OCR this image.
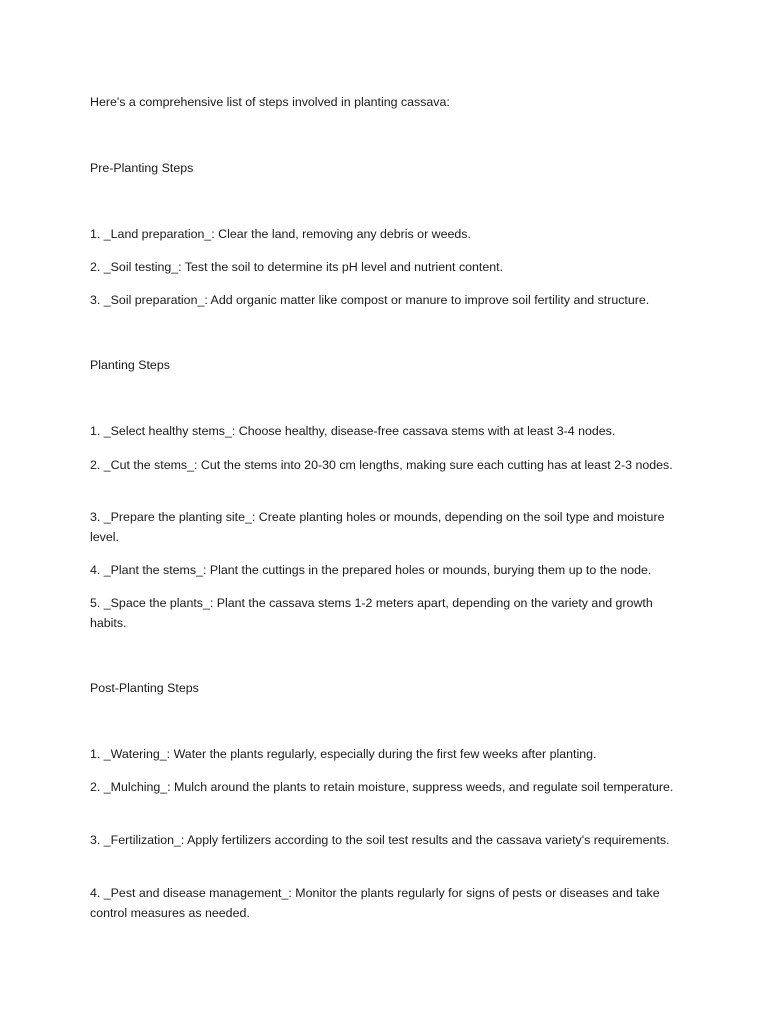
Here's a comprehensive list of steps involved in planting cassava:

Pre-Planting Steps

1. _Land preparation_: Clear the land, removing any debris or weeds.

2. _Soil testing_: Test the soil to determine its pH level and nutrient content.

3. _Soil preparation_: Add organic matter like compost or manure to improve soil fertility and structure.

Planting Steps

1. _Select healthy stems_: Choose healthy, disease-free cassava stems with at least 3-4 nodes.

2. _Cut the stems_: Cut the stems into 20-30 cm lengths, making sure each cutting has at least 2-3 nodes.

3. _Prepare the planting site_: Create planting holes or mounds, depending on the soil type and moisture level.

4. _Plant the stems_: Plant the cuttings in the prepared holes or mounds, burying them up to the node.

5. _Space the plants_: Plant the cassava stems 1-2 meters apart, depending on the variety and growth habits.

Post-Planting Steps

1. _Watering_: Water the plants regularly, especially during the first few weeks after planting.

2. _Mulching_: Mulch around the plants to retain moisture, suppress weeds, and regulate soil temperature.

3. _Fertilization_: Apply fertilizers according to the soil test results and the cassava variety's requirements.

4. _Pest and disease management_: Monitor the plants regularly for signs of pests or diseases and take control measures as needed.
